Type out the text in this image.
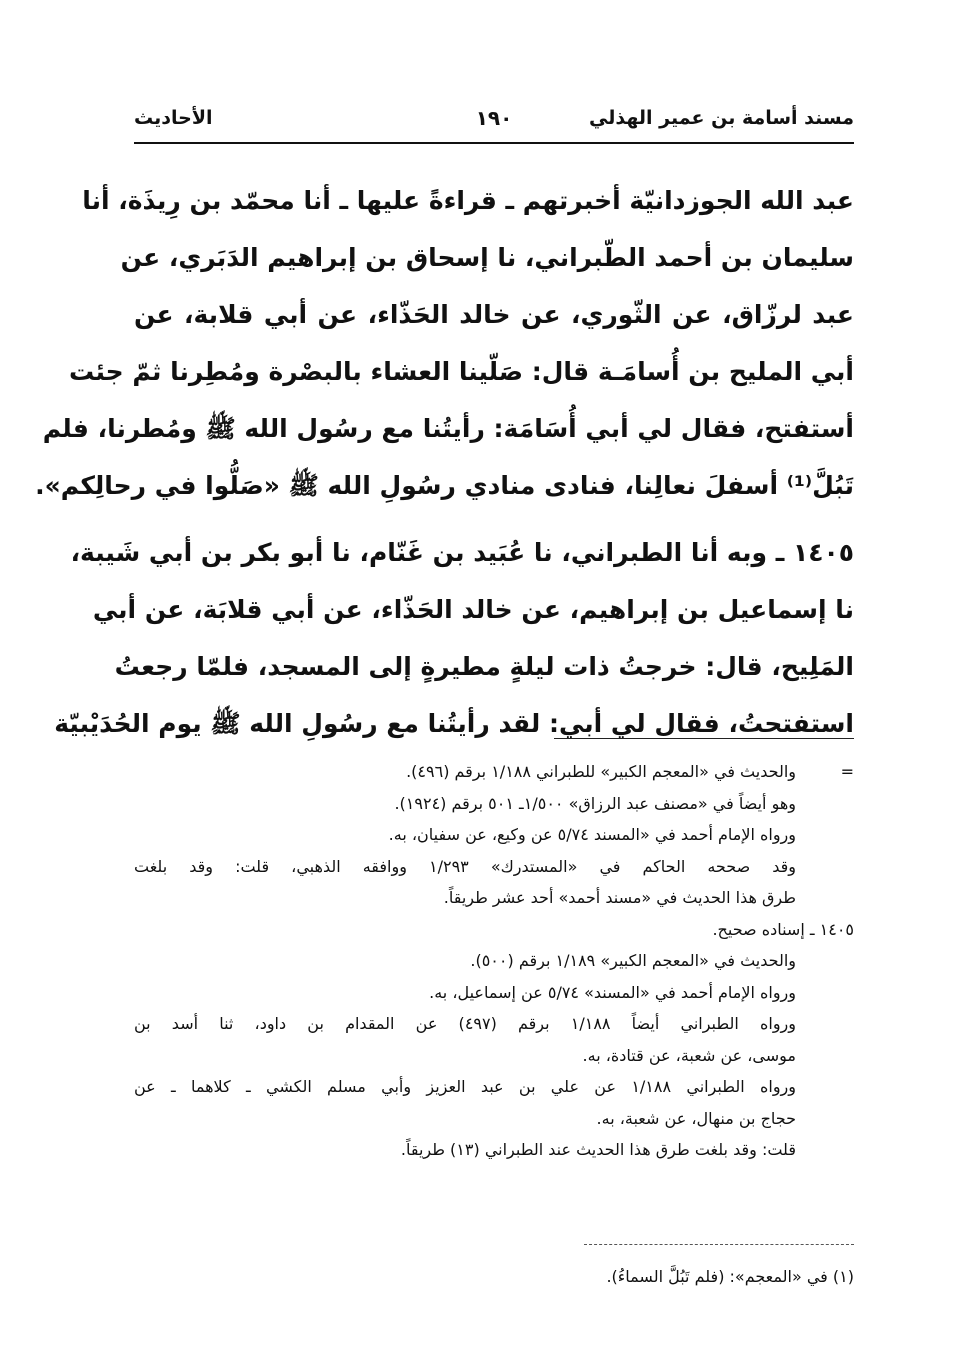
مسند أسامة بن عمير الهذلي
١٩٠
الأحاديث
عبد الله الجوزدانيّة أخبرتهم ـ قراءةً عليها ـ أنا محمّد بن رِيذَة، أنا
سليمان بن أحمد الطّبراني، نا إسحاق بن إبراهيم الدَبَري، عن
عبد لرزّاق، عن الثّوري، عن خالد الحَذّاء، عن أبي قلابة، عن
أبي المليح بن أُسامَـة قال: صَلّينا العشاء بالبصْرة ومُطِرنا ثمّ جئت
أستفتح، فقال لي أبي أُسَامَة: رأيتُنا مع رسُول الله ﷺ ومُطرنا، فلم
تَبُلَّ⁽¹⁾ أسفلَ نعالِنا، فنادى منادي رسُولِ الله ﷺ «صَلُّوا في رحالِكم».
١٤٠٥ ـ وبه أنا الطبراني، نا عُبَيد بن غَنّام، نا أبو بكر بن أبي شَيبة،
نا إسماعيل بن إبراهيم، عن خالد الحَذّاء، عن أبي قلابَة، عن أبي
المَلِيح، قال: خرجتُ ذات ليلةٍ مطيرةٍ إلى المسجد، فلمّا رجعتُ
استفتحتُ، فقال لي أبي: لقد رأيتُنا مع رسُولِ الله ﷺ يوم الحُدَيْبيّة
=والحديث في «المعجم الكبير» للطبراني ١/١٨٨ برقم (٤٩٦).
وهو أيضاً في «مصنف عبد الرزاق» ١/٥٠٠ـ ٥٠١ برقم (١٩٢٤).
ورواه الإمام أحمد في «المسند ٥/٧٤ عن وكيع، عن سفيان، به.
وقد صححه الحاكم في «المستدرك» ١/٢٩٣ ووافقه الذهبي، قلت: وقد بلغت
طرق هذا الحديث في «مسند أحمد» أحد عشر طريقاً.
١٤٠٥ ـ إسناده صحيح.
والحديث في «المعجم الكبير» ١/١٨٩ برقم (٥٠٠).
ورواه الإمام أحمد في «المسند» ٥/٧٤ عن إسماعيل، به.
ورواه الطبراني أيضاً ١/١٨٨ برقم (٤٩٧) عن المقدام بن داود، ثنا أسد بن
موسى، عن شعبة، عن قتادة، به.
ورواه الطبراني ١/١٨٨ عن علي بن عبد العزيز وأبي مسلم الكشي ـ كلاهما ـ عن
حجاج بن منهال، عن شعبة، به.
قلت: وقد بلغت طرق هذا الحديث عند الطبراني (١٣) طريقاً.
(١) في «المعجم»: (فلم تَبُلَّ السماءُ).
